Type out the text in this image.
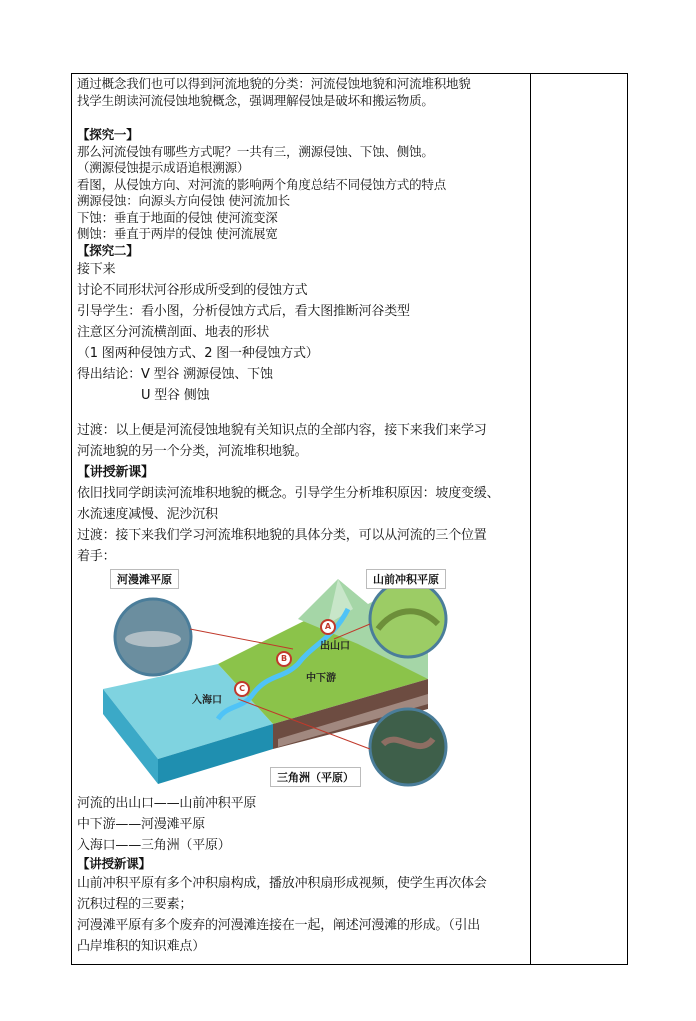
通过概念我们也可以得到河流地貌的分类：河流侵蚀地貌和河流堆积地貌
找学生朗读河流侵蚀地貌概念，强调理解侵蚀是破坏和搬运物质。
【探究一】
那么河流侵蚀有哪些方式呢？一共有三，溯源侵蚀、下蚀、侧蚀。
（溯源侵蚀提示成语追根溯源）
看图，从侵蚀方向、对河流的影响两个角度总结不同侵蚀方式的特点
溯源侵蚀：向源头方向侵蚀 使河流加长
下蚀：垂直于地面的侵蚀 使河流变深
侧蚀：垂直于两岸的侵蚀 使河流展宽
【探究二】
接下来
讨论不同形状河谷形成所受到的侵蚀方式
引导学生：看小图，分析侵蚀方式后，看大图推断河谷类型
注意区分河流横剖面、地表的形状
（1 图两种侵蚀方式、2 图一种侵蚀方式）
得出结论：V 型谷 溯源侵蚀、下蚀
U 型谷 侧蚀
过渡：以上便是河流侵蚀地貌有关知识点的全部内容，接下来我们来学习
河流地貌的另一个分类，河流堆积地貌。
【讲授新课】
依旧找同学朗读河流堆积地貌的概念。引导学生分析堆积原因：坡度变缓、
水流速度减慢、泥沙沉积
过渡：接下来我们学习河流堆积地貌的具体分类，可以从河流的三个位置
着手：
河漫滩平原	山前冲积平原
三角洲（平原）
A
B
C
出山口
中下游
入海口
河流的出山口——山前冲积平原
中下游——河漫滩平原
入海口——三角洲（平原）
【讲授新课】
山前冲积平原有多个冲积扇构成，播放冲积扇形成视频，使学生再次体会
沉积过程的三要素；
河漫滩平原有多个废弃的河漫滩连接在一起，阐述河漫滩的形成。（引出
凸岸堆积的知识难点）
